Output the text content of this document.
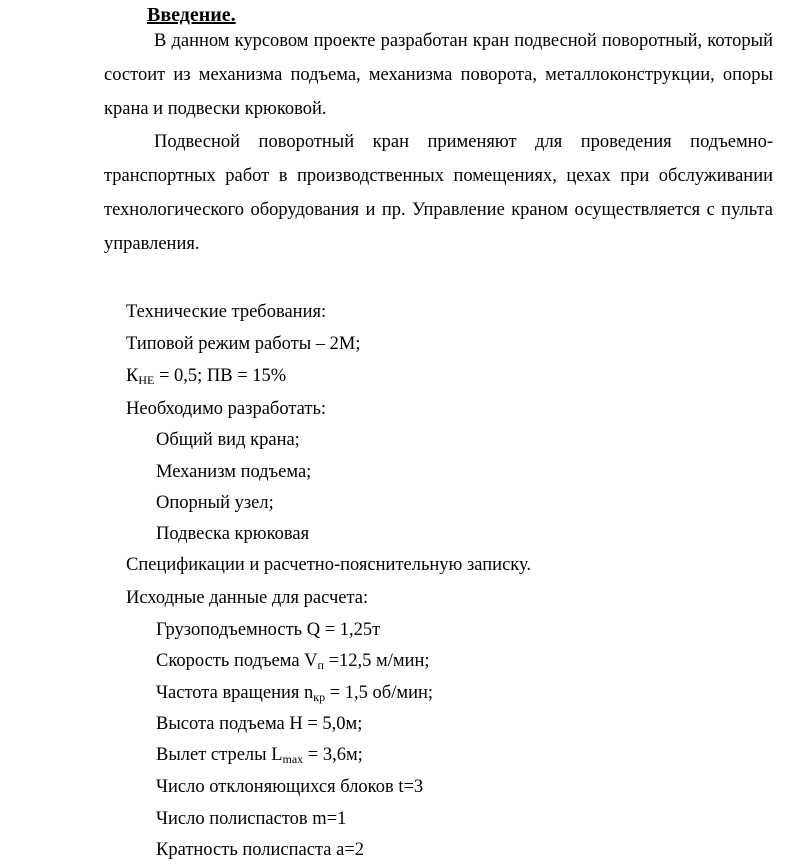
Введение.

В данном курсовом проекте разработан кран подвесной поворотный, который состоит из механизма подъема, механизма поворота, металлоконструкции, опоры крана и подвески крюковой.

Подвесной поворотный кран применяют для проведения подъемно-транспортных работ в производственных помещениях, цехах при обслуживании технологического оборудования и пр. Управление краном осуществляется с пульта управления.

Технические требования:

Типовой режим работы – 2М;

$К_{НЕ} = 0,5$; ПВ = 15%

Необходимо разработать:

Общий вид крана;

Механизм подъема;

Опорный узел;

Подвеска крюковая

Спецификации и расчетно-пояснительную записку.

Исходные данные для расчета:

Грузоподъемность Q = 1,25т

Скорость подъема $V_п =12,5$ м/мин;

Частота вращения $n_{кр} = 1,5$ об/мин;

Высота подъема Н = 5,0м;

Вылет стрелы $L_{max} = 3,6м$;

Число отклоняющихся блоков t=3

Число полиспастов m=1

Кратность полиспаста а=2
